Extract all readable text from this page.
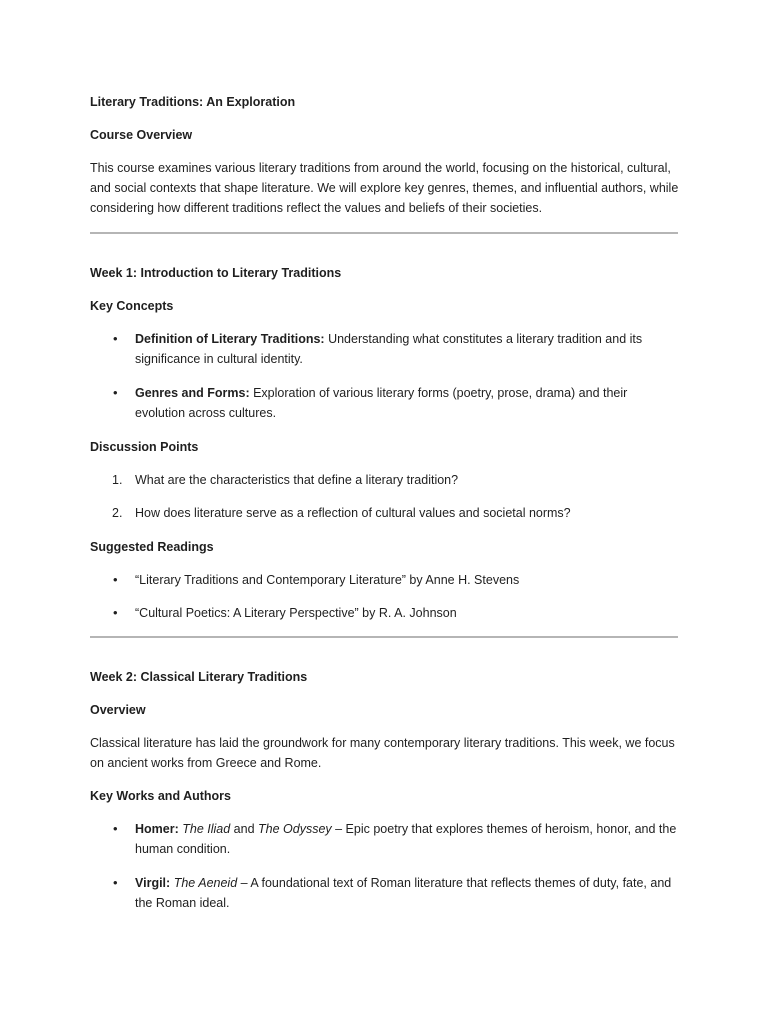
Literary Traditions: An Exploration

Course Overview

This course examines various literary traditions from around the world, focusing on the historical, cultural, and social contexts that shape literature. We will explore key genres, themes, and influential authors, while considering how different traditions reflect the values and beliefs of their societies.

Week 1: Introduction to Literary Traditions

Key Concepts

• Definition of Literary Traditions: Understanding what constitutes a literary tradition and its significance in cultural identity.
• Genres and Forms: Exploration of various literary forms (poetry, prose, drama) and their evolution across cultures.

Discussion Points

1. What are the characteristics that define a literary tradition?
2. How does literature serve as a reflection of cultural values and societal norms?

Suggested Readings

• “Literary Traditions and Contemporary Literature” by Anne H. Stevens
• “Cultural Poetics: A Literary Perspective” by R. A. Johnson

Week 2: Classical Literary Traditions

Overview

Classical literature has laid the groundwork for many contemporary literary traditions. This week, we focus on ancient works from Greece and Rome.

Key Works and Authors

• Homer: The Iliad and The Odyssey – Epic poetry that explores themes of heroism, honor, and the human condition.
• Virgil: The Aeneid – A foundational text of Roman literature that reflects themes of duty, fate, and the Roman ideal.
